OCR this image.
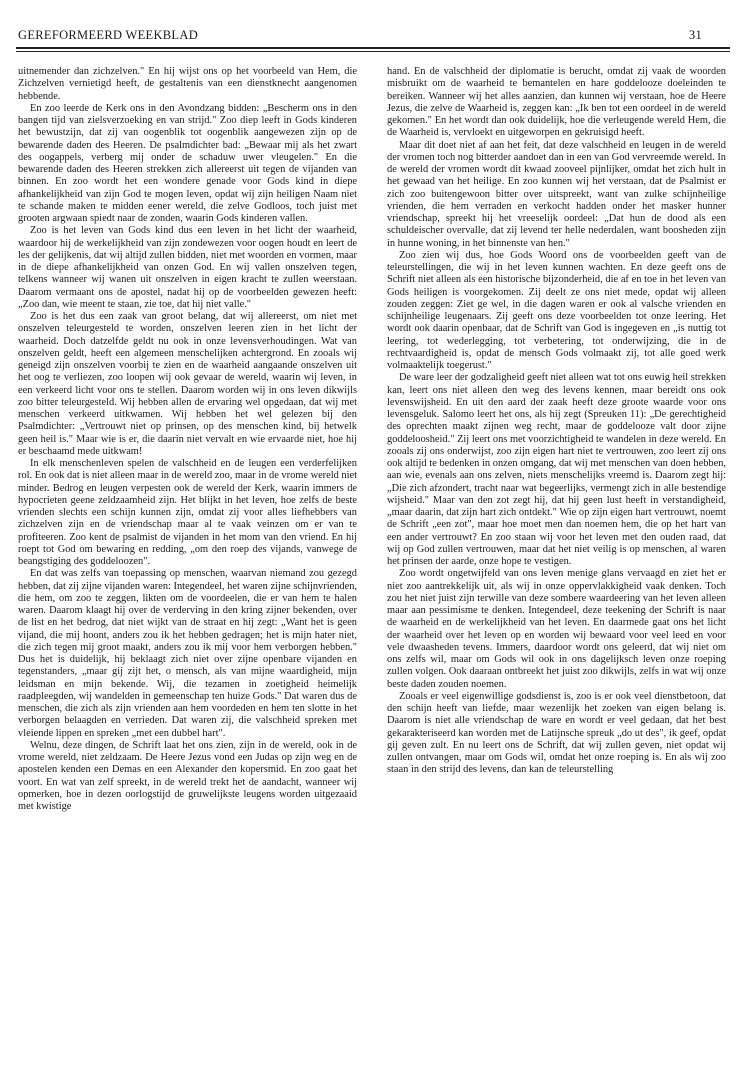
GEREFORMEERD WEEKBLAD	31

uitnemender dan zichzelven." En hij wijst ons op het voorbeeld van Hem, die Zichzelven vernietigd heeft, de gestaltenis van een dienstknecht aangenomen hebbende.

En zoo leerde de Kerk ons in den Avondzang bidden: „Bescherm ons in den bangen tijd van zielsverzoeking en van strijd." Zoo diep leeft in Gods kinderen het bewustzijn, dat zij van oogenblik tot oogenblik aangewezen zijn op de bewarende daden des Heeren. De psalmdichter bad: „Bewaar mij als het zwart des oogappels, verberg mij onder de schaduw uwer vleugelen." En die bewarende daden des Heeren strekken zich allereerst uit tegen de vijanden van binnen. En zoo wordt het een wondere genade voor Gods kind in diepe afhankelijkheid van zijn God te mogen leven, opdat wij zijn heiligen Naam niet te schande maken te midden eener wereld, die zelve Godloos, toch juist met grooten argwaan spiedt naar de zonden, waarin Gods kinderen vallen.

Zoo is het leven van Gods kind dus een leven in het licht der waarheid, waardoor hij de werkelijkheid van zijn zondewezen voor oogen houdt en leert de les der gelijkenis, dat wij altijd zullen bidden, niet met woorden en vormen, maar in de diepe afhankelijkheid van onzen God. En wij vallen onszelven tegen, telkens wanneer wij wanen uit onszelven in eigen kracht te zullen weerstaan. Daarom vermaant ons de apostel, nadat hij op de voorbeelden gewezen heeft: „Zoo dan, wie meent te staan, zie toe, dat hij niet valle."

Zoo is het dus een zaak van groot belang, dat wij allereerst, om niet met onszelven teleurgesteld te worden, onszelven leeren zien in het licht der waarheid. Doch datzelfde geldt nu ook in onze levensverhoudingen. Wat van onszelven geldt, heeft een algemeen menschelijken achtergrond. En zooals wij geneigd zijn onszelven voorbij te zien en de waarheid aangaande onszelven uit het oog te verliezen, zoo loopen wij ook gevaar de wereld, waarin wij leven, in een verkeerd licht voor ons te stellen. Daarom worden wij in ons leven dikwijls zoo bitter teleurgesteld. Wij hebben allen de ervaring wel opgedaan, dat wij met menschen verkeerd uitkwamen. Wij hebben het wel gelezen bij den Psalmdichter: „Vertrouwt niet op prinsen, op des menschen kind, bij hetwelk geen heil is." Maar wie is er, die daarin niet vervalt en wie ervaarde niet, hoe hij er beschaamd mede uitkwam!

In elk menschenleven spelen de valschheid en de leugen een verderfelijken rol. En ook dat is niet alleen maar in de wereld zoo, maar in de vrome wereld niet minder. Bedrog en leugen verpesten ook de wereld der Kerk, waarin immers de hypocrieten geene zeldzaamheid zijn. Het blijkt in het leven, hoe zelfs de beste vrienden slechts een schijn kunnen zijn, omdat zij voor alles liefhebbers van zichzelven zijn en de vriendschap maar al te vaak veinzen om er van te profiteeren. Zoo kent de psalmist de vijanden in het mom van den vriend. En hij roept tot God om bewaring en redding, „om den roep des vijands, vanwege de beangstiging des goddeloozen".

En dat was zelfs van toepassing op menschen, waarvan niemand zou gezegd hebben, dat zij zijne vijanden waren: Integendeel, het waren zijne schijnvrienden, die hem, om zoo te zeggen, likten om de voordeelen, die er van hem te halen waren. Daarom klaagt hij over de verderving in den kring zijner bekenden, over de list en het bedrog, dat niet wijkt van de straat en hij zegt: „Want het is geen vijand, die mij hoont, anders zou ik het hebben gedragen; het is mijn hater niet, die zich tegen mij groot maakt, anders zou ik mij voor hem verborgen hebben." Dus het is duidelijk, hij beklaagt zich niet over zijne openbare vijanden en tegenstanders, „maar gij zijt het, o mensch, als van mijne waardigheid, mijn leidsman en mijn bekende. Wij, die tezamen in zoetigheid heimelijk raadpleegden, wij wandelden in gemeenschap ten huize Gods." Dat waren dus de menschen, die zich als zijn vrienden aan hem voordeden en hem ten slotte in het verborgen belaagden en verrieden. Dat waren zij, die valschheid spreken met vleiende lippen en spreken „met een dubbel hart".

Welnu, deze dingen, de Schrift laat het ons zien, zijn in de wereld, ook in de vrome wereld, niet zeldzaam. De Heere Jezus vond een Judas op zijn weg en de apostelen kenden een Demas en een Alexander den kopersmid. En zoo gaat het voort. En wat van zelf spreekt, in de wereld trekt het de aandacht, wanneer wij opmerken, hoe in dezen oorlogstijd de gruwelijkste leugens worden uitgezaaid met kwistige

hand. En de valschheid der diplomatie is berucht, omdat zij vaak de woorden misbruikt om de waarheid te bemantelen en hare goddelooze doeleinden te bereiken. Wanneer wij het alles aanzien, dan kunnen wij verstaan, hoe de Heere Jezus, die zelve de Waarheid is, zeggen kan: „Ik ben tot een oordeel in de wereld gekomen." En het wordt dan ook duidelijk, hoe die verleugende wereld Hem, die de Waarheid is, vervloekt en uitgeworpen en gekruisigd heeft.

Maar dit doet niet af aan het feit, dat deze valschheid en leugen in de wereld der vromen toch nog bitterder aandoet dan in een van God vervreemde wereld. In de wereld der vromen wordt dit kwaad zooveel pijnlijker, omdat het zich hult in het gewaad van het heilige. En zoo kunnen wij het verstaan, dat de Psalmist er zich zoo buitengewoon bitter over uitspreekt, want van zulke schijnheilige vrienden, die hem verraden en verkocht hadden onder het masker hunner vriendschap, spreekt hij het vreeselijk oordeel: „Dat hun de dood als een schuldeischer overvalle, dat zij levend ter helle nederdalen, want boosheden zijn in hunne woning, in het binnenste van hen."

Zoo zien wij dus, hoe Gods Woord ons de voorbeelden geeft van de teleurstellingen, die wij in het leven kunnen wachten. En deze geeft ons de Schrift niet alleen als een historische bijzonderheid, die af en toe in het leven van Gods heiligen is voorgekomen. Zij deelt ze ons niet mede, opdat wij alleen zouden zeggen: Ziet ge wel, in die dagen waren er ook al valsche vrienden en schijnheilige leugenaars. Zij geeft ons deze voorbeelden tot onze leering. Het wordt ook daarin openbaar, dat de Schrift van God is ingegeven en „is nuttig tot leering, tot wederlegging, tot verbetering, tot onderwijzing, die in de rechtvaardigheid is, opdat de mensch Gods volmaakt zij, tot alle goed werk volmaaktelijk toegerust."

De ware leer der godzaligheid geeft niet alleen wat tot ons euwig heil strekken kan, leert ons niet alleen den weg des levens kennen, maar bereidt ons ook levenswijsheid. En uit den aard der zaak heeft deze groote waarde voor ons levensgeluk. Salomo leert het ons, als hij zegt (Spreuken 11): „De gerechtigheid des oprechten maakt zijnen weg recht, maar de goddelooze valt door zijne goddeloosheid." Zij leert ons met voorzichtigheid te wandelen in deze wereld. En zooals zij ons onderwijst, zoo zijn eigen hart niet te vertrouwen, zoo leert zij ons ook altijd te bedenken in onzen omgang, dat wij met menschen van doen hebben, aan wie, evenals aan ons zelven, niets menschelijks vreemd is. Daarom zegt hij: „Die zich afzondert, tracht naar wat begeerlijks, vermengt zich in alle bestendige wijsheid." Maar van den zot zegt hij, dat hij geen lust heeft in verstandigheid, „maar daarin, dat zijn hart zich ontdekt." Wie op zijn eigen hart vertrouwt, noemt de Schrift „een zot", maar hoe moet men dan noemen hem, die op het hart van een ander vertrouwt? En zoo staan wij voor het leven met den ouden raad, dat wij op God zullen vertrouwen, maar dat het niet veilig is op menschen, al waren het prinsen der aarde, onze hope te vestigen.

Zoo wordt ongetwijfeld van ons leven menige glans vervaagd en ziet het er niet zoo aantrekkelijk uit, als wij in onze oppervlakkigheid vaak denken. Toch zou het niet juist zijn terwille van deze sombere waardeering van het leven alleen maar aan pessimisme te denken. Integendeel, deze teekening der Schrift is naar de waarheid en de werkelijkheid van het leven. En daarmede gaat ons het licht der waarheid over het leven op en worden wij bewaard voor veel leed en voor vele dwaasheden tevens. Immers, daardoor wordt ons geleerd, dat wij niet om ons zelfs wil, maar om Gods wil ook in ons dagelijksch leven onze roeping zullen volgen. Ook daaraan ontbreekt het juist zoo dikwijls, zelfs in wat wij onze beste daden zouden noemen.

Zooals er veel eigenwillige godsdienst is, zoo is er ook veel dienstbetoon, dat den schijn heeft van liefde, maar wezenlijk het zoeken van eigen belang is. Daarom is niet alle vriendschap de ware en wordt er veel gedaan, dat het best gekarakteriseerd kan worden met de Latijnsche spreuk „do ut des", ik geef, opdat gij geven zult. En nu leert ons de Schrift, dat wij zullen geven, niet opdat wij zullen ontvangen, maar om Gods wil, omdat het onze roeping is. En als wij zoo staan in den strijd des levens, dan kan de teleurstelling
